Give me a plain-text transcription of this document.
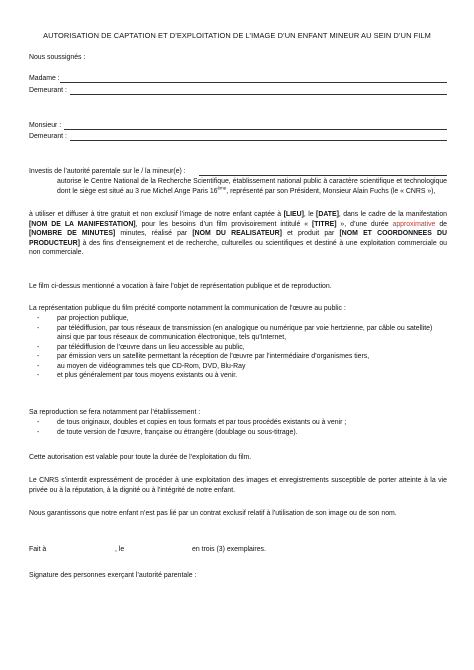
AUTORISATION DE CAPTATION ET D’EXPLOITATION DE L’IMAGE D’UN ENFANT MINEUR AU SEIN D’UN FILM
Nous soussignés :
Madame :
Demeurant :
Monsieur :
Demeurant :
Investis de l’autorité parentale sur le / la mineur(e) :
autorise le Centre National de la Recherche Scientifique, établissement national public à caractère scientifique et technologique dont le siège est situé au 3 rue Michel Ange Paris 16ème, représenté par son Président, Monsieur Alain Fuchs (le « CNRS »),
à utiliser et diffuser à titre gratuit et non exclusif l’image de notre enfant captée à [LIEU], le [DATE], dans le cadre de la manifestation [NOM DE LA MANIFESTATION], pour les besoins d’un film provisoirement intitulé « [TITRE] », d’une durée approximative de [NOMBRE DE MINUTES] minutes, réalisé par [NOM DU REALISATEUR] et produit par [NOM ET COORDONNEES DU PRODUCTEUR] à des fins d’enseignement et de recherche, culturelles ou scientifiques et destiné à une exploitation commerciale ou non commerciale.
Le film ci-dessus mentionné a vocation à faire l’objet de représentation publique et de reproduction.
La représentation publique du film précité comporte notamment la communication de l’œuvre au public :
-	par projection publique,
-	par télédiffusion, par tous réseaux de transmission (en analogique ou numérique par voie hertzienne, par câble ou satellite) ainsi que par tous réseaux de communication électronique, tels qu’Internet,
-	par télédiffusion de l’œuvre dans un lieu accessible au public,
-	par émission vers un satellite permettant la réception de l’œuvre par l’intermédiaire d’organismes tiers,
-	au moyen de vidéogrammes tels que CD-Rom, DVD, Blu-Ray
-	et plus généralement par tous moyens existants ou à venir.
Sa reproduction se fera notamment par l’établissement :
-	de tous originaux, doubles et copies en tous formats et par tous procédés existants ou à venir ;
-	de toute version de l’œuvre, française ou étrangère (doublage ou sous-titrage).
Cette autorisation est valable pour toute la durée de l’exploitation du film.
Le CNRS s’interdit expressément de procéder à une exploitation des images et enregistrements susceptible de porter atteinte à la vie privée ou à la réputation, à la dignité ou à l’intégrité de notre enfant.
Nous garantissons que notre enfant n’est pas lié par un contrat exclusif relatif à l’utilisation de son image ou de son nom.
Fait à	, le	en trois (3) exemplaires.
Signature des personnes exerçant l’autorité parentale :
